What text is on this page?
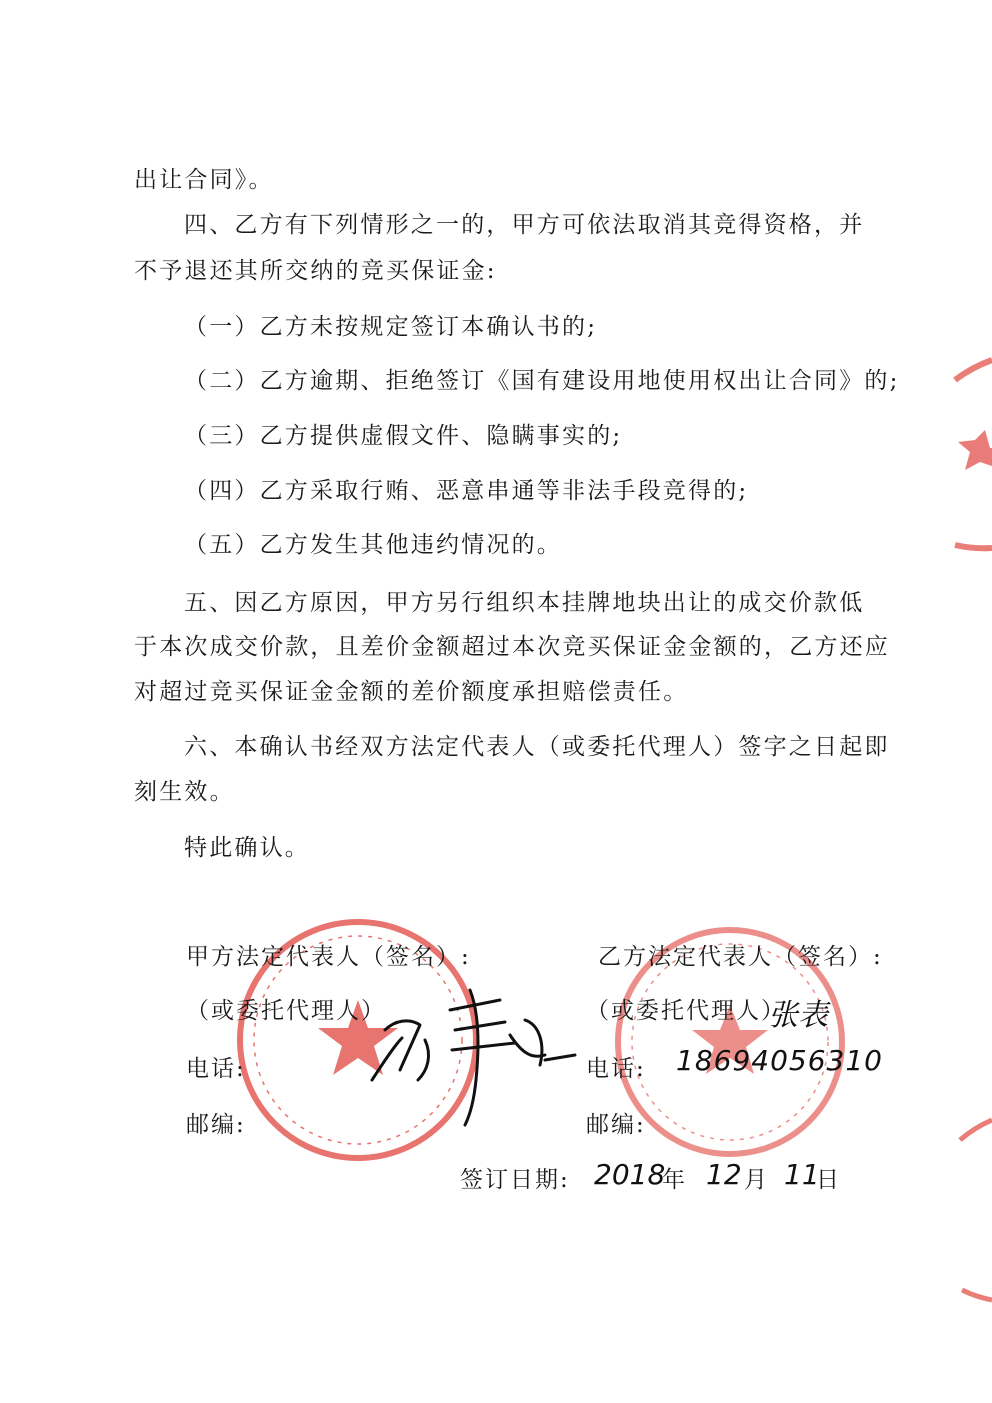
出让合同》。
四、乙方有下列情形之一的，甲方可依法取消其竞得资格，并
不予退还其所交纳的竞买保证金:
（一）乙方未按规定签订本确认书的;
（二）乙方逾期、拒绝签订《国有建设用地使用权出让合同》的;
（三）乙方提供虚假文件、隐瞒事实的;
（四）乙方采取行贿、恶意串通等非法手段竞得的;
（五）乙方发生其他违约情况的。
五、因乙方原因，甲方另行组织本挂牌地块出让的成交价款低
于本次成交价款，且差价金额超过本次竞买保证金金额的，乙方还应
对超过竞买保证金金额的差价额度承担赔偿责任。
六、本确认书经双方法定代表人（或委托代理人）签字之日起即
刻生效。
特此确认。
甲方法定代表人（签名）:
（或委托代理人）
电话:
邮编:
乙方法定代表人（签名）:
（或委托代理人）
张表
电话: 18694056310
邮编:
签订日期: 2018
年 12 月 11
日
